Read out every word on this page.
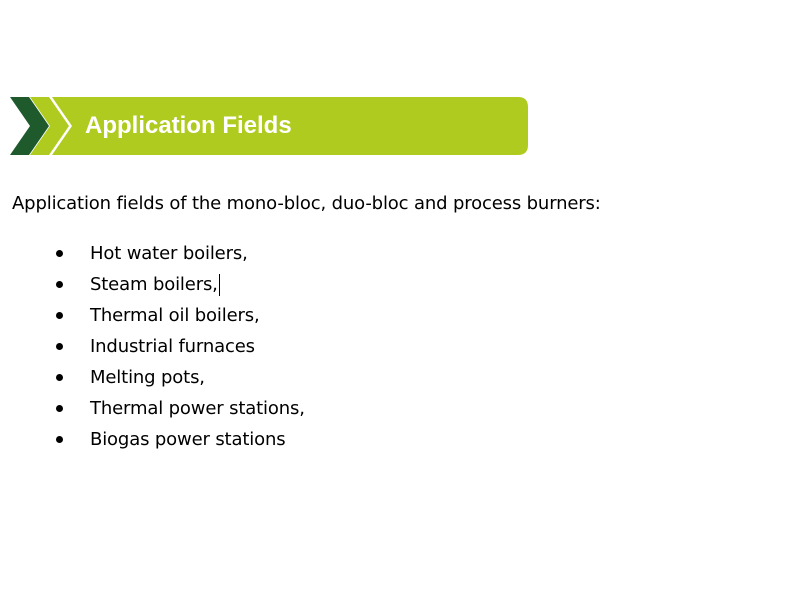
Application Fields
Application fields of the mono-bloc, duo-bloc and process burners:
Hot water boilers,
Steam boilers,
Thermal oil boilers,
Industrial furnaces
Melting pots,
Thermal power stations,
Biogas power stations
